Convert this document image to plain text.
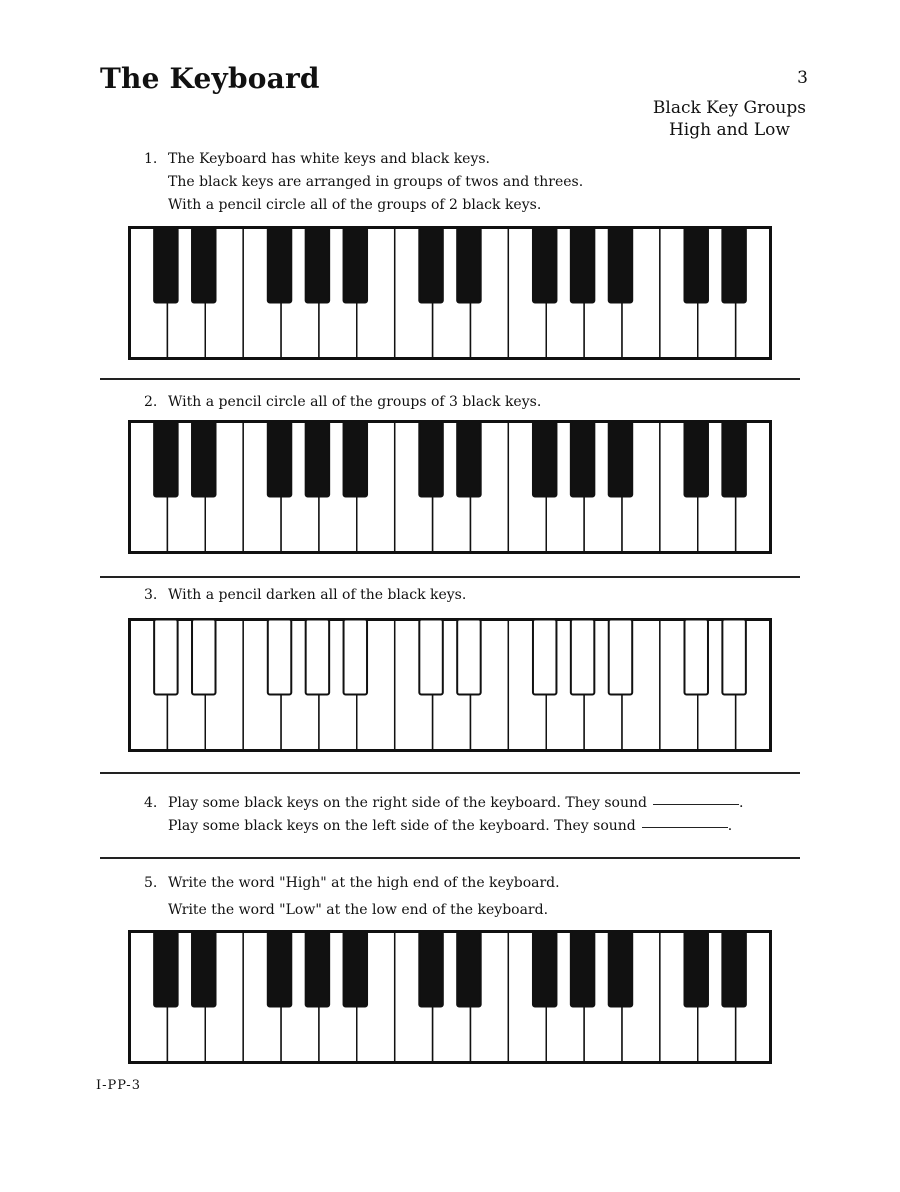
The Keyboard	3
Black Key Groups
High and Low
1. The Keyboard has white keys and black keys.
The black keys are arranged in groups of twos and threes.
With a pencil circle all of the groups of 2 black keys.
2. With a pencil circle all of the groups of 3 black keys.
3. With a pencil darken all of the black keys.
4. Play some black keys on the right side of the keyboard. They sound	.
Play some black keys on the left side of the keyboard. They sound	.
5. Write the word "High" at the high end of the keyboard.
Write the word "Low" at the low end of the keyboard.
I-PP-3
